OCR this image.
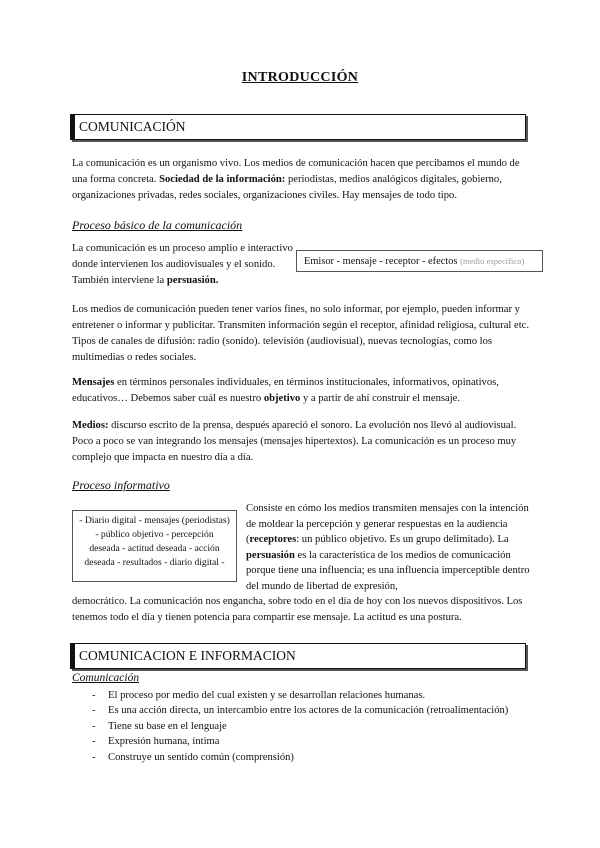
INTRODUCCIÓN
COMUNICACIÓN
La comunicación es un organismo vivo. Los medios de comunicación hacen que percibamos el mundo de una forma concreta. Sociedad de la información: periodistas, medios analógicos digitales, gobierno, organizaciones privadas, redes sociales, organizaciones civiles. Hay mensajes de todo tipo.
Proceso básico de la comunicación
La comunicación es un proceso amplio e interactivo donde intervienen los audiovisuales y el sonido. También interviene la persuasión.
Emisor - mensaje - receptor - efectos (medio específico)
Los medios de comunicación pueden tener varios fines, no solo informar, por ejemplo, pueden informar y entretener o informar y publicitar. Transmiten información según el receptor, afinidad religiosa, cultural etc. Tipos de canales de difusión: radio (sonido). televisión (audiovisual), nuevas tecnologías, como los multimedias o redes sociales.
Mensajes en términos personales individuales, en términos institucionales, informativos, opinativos, educativos… Debemos saber cuál es nuestro objetivo y a partir de ahí construir el mensaje.
Medios: discurso escrito de la prensa, después apareció el sonoro. La evolución nos llevó al audiovisual. Poco a poco se van integrando los mensajes (mensajes hipertextos). La comunicación es un proceso muy complejo que impacta en nuestro día a día.
Proceso informativo
- Diario digital - mensajes (periodistas) - público objetivo - percepción deseada - actitud deseada - acción deseada - resultados - diario digital -
Consiste en cómo los medios transmiten mensajes con la intención de moldear la percepción y generar respuestas en la audiencia (receptores: un público objetivo. Es un grupo delimitado). La persuasión es la característica de los medios de comunicación porque tiene una influencia; es una influencia imperceptible dentro del mundo de libertad de expresión,
democrático. La comunicación nos engancha, sobre todo en el día de hoy con los nuevos dispositivos. Los tenemos todo el día y tienen potencia para compartir ese mensaje. La actitud es una postura.
COMUNICACION E INFORMACION
Comunicación
- El proceso por medio del cual existen y se desarrollan relaciones humanas.
- Es una acción directa, un intercambio entre los actores de la comunicación (retroalimentación)
- Tiene su base en el lenguaje
- Expresión humana, íntima
- Construye un sentido común (comprensión)
